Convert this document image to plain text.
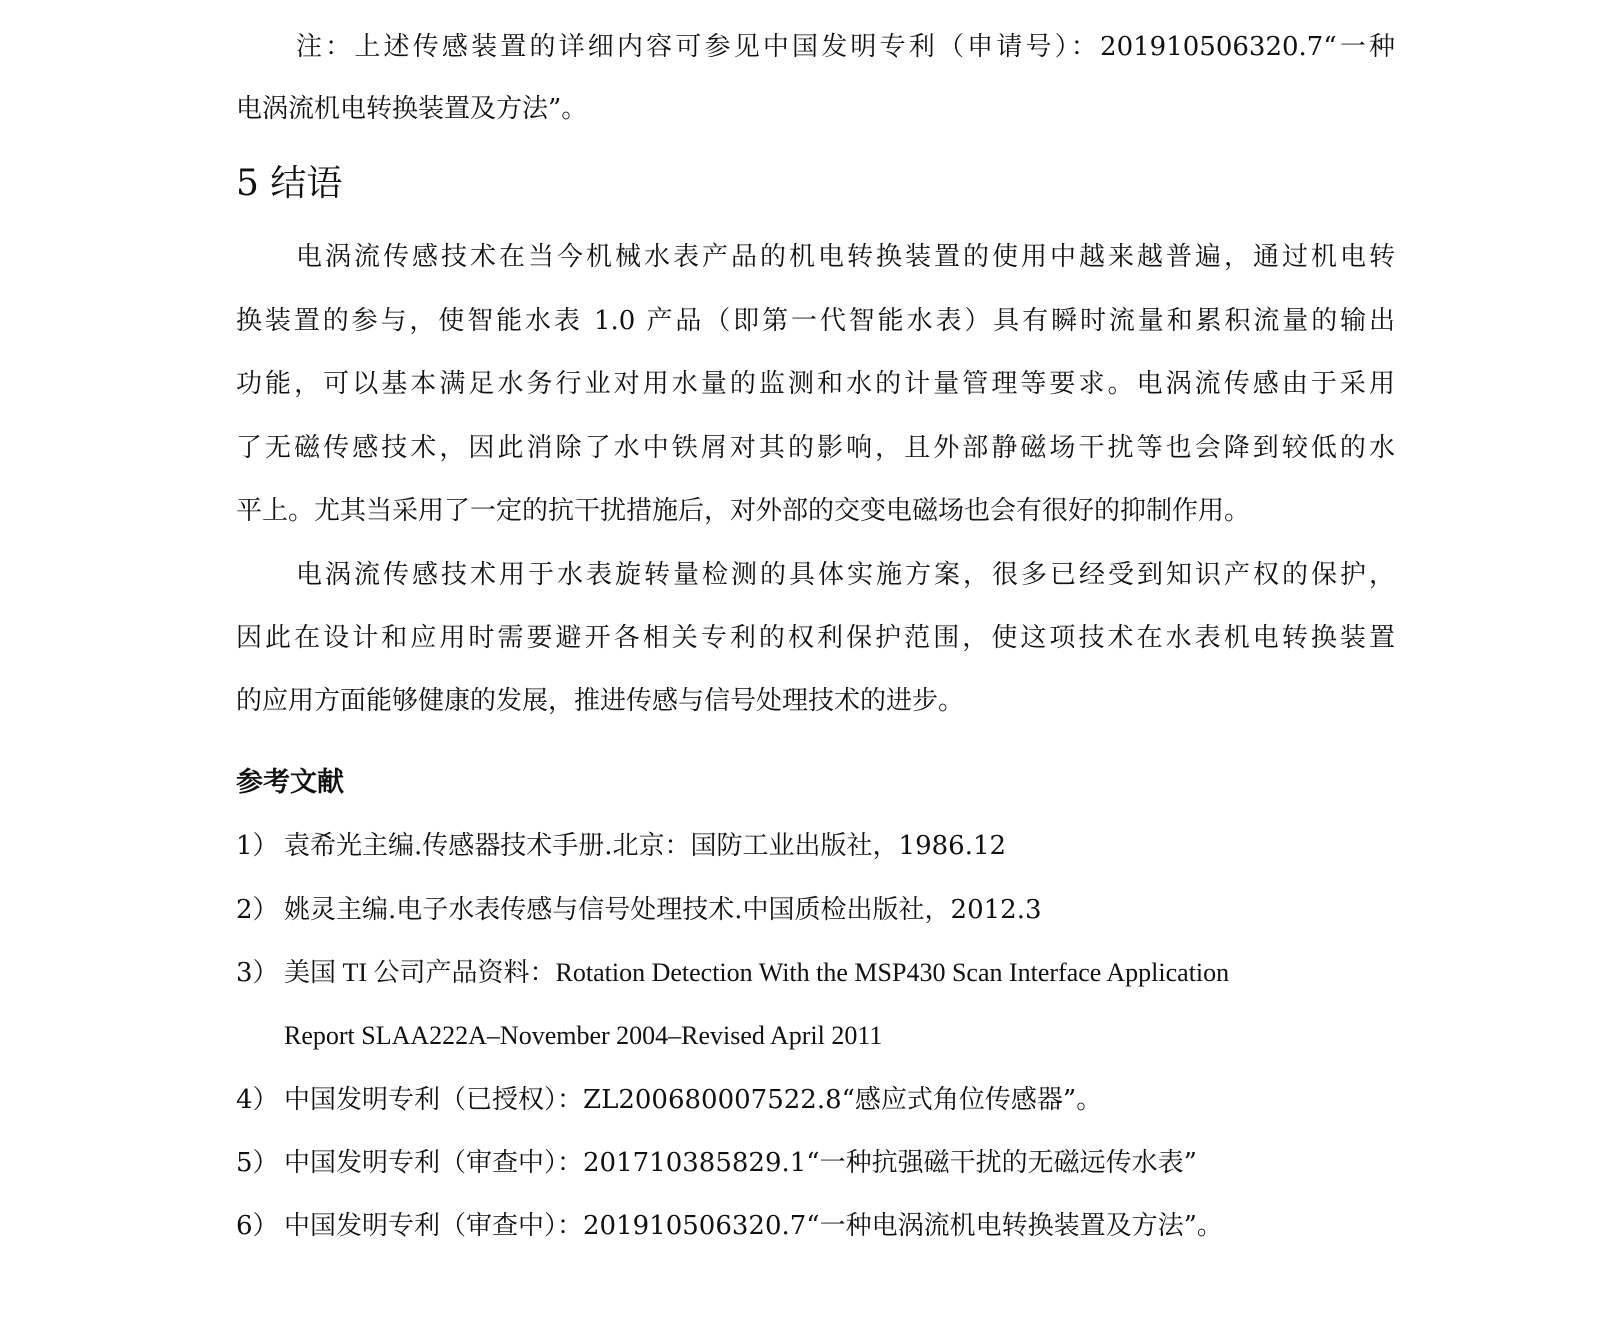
注：上述传感装置的详细内容可参见中国发明专利（申请号）：201910506320.7“一种
电涡流机电转换装置及方法”。
5 结语
电涡流传感技术在当今机械水表产品的机电转换装置的使用中越来越普遍，通过机电转
换装置的参与，使智能水表 1.0 产品（即第一代智能水表）具有瞬时流量和累积流量的输出
功能，可以基本满足水务行业对用水量的监测和水的计量管理等要求。电涡流传感由于采用
了无磁传感技术，因此消除了水中铁屑对其的影响，且外部静磁场干扰等也会降到较低的水
平上。尤其当采用了一定的抗干扰措施后，对外部的交变电磁场也会有很好的抑制作用。
电涡流传感技术用于水表旋转量检测的具体实施方案，很多已经受到知识产权的保护，
因此在设计和应用时需要避开各相关专利的权利保护范围，使这项技术在水表机电转换装置
的应用方面能够健康的发展，推进传感与信号处理技术的进步。
参考文献
1） 袁希光主编.传感器技术手册.北京：国防工业出版社，1986.12
2） 姚灵主编.电子水表传感与信号处理技术.中国质检出版社，2012.3
3） 美国 TI 公司产品资料：Rotation Detection With the MSP430 Scan Interface Application
Report SLAA222A–November 2004–Revised April 2011
4） 中国发明专利（已授权）：ZL200680007522.8“感应式角位传感器”。
5） 中国发明专利（审查中）：201710385829.1“一种抗强磁干扰的无磁远传水表”
6） 中国发明专利（审查中）：201910506320.7“一种电涡流机电转换装置及方法”。
